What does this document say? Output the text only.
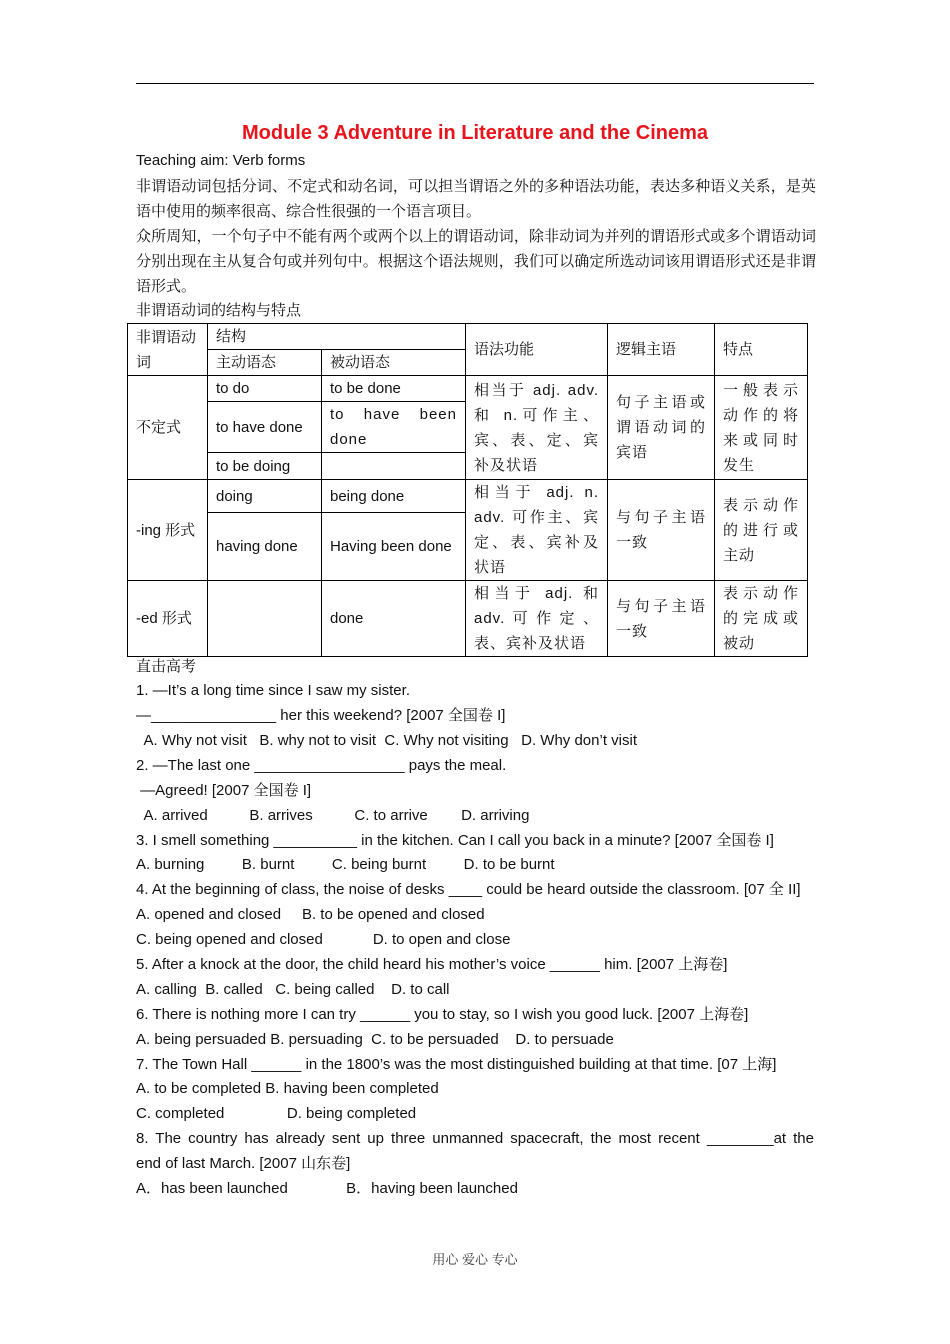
Module 3 Adventure in Literature and the Cinema
Teaching aim: Verb forms
非谓语动词包括分词、不定式和动名词，可以担当谓语之外的多种语法功能，表达多种语义关系，是英语中使用的频率很高、综合性很强的一个语言项目。
众所周知，一个句子中不能有两个或两个以上的谓语动词，除非动词为并列的谓语形式或多个谓语动词分别出现在主从复合句或并列句中。根据这个语法规则，我们可以确定所选动词该用谓语形式还是非谓语形式。
非谓语动词的结构与特点
非谓语动词	结构		语法功能	逻辑主语	特点
	主动语态	被动语态			
不定式	to do	to be done	相当于 adj. adv. 和 n.可作主、宾、表、定、宾补及状语	句子主语或谓语动词的宾语	一般表示动作的将来或同时发生
	to have done	to have been done			
	to be doing				
-ing 形式	doing	being done	相当于 adj. n. adv. 可作主、宾定、表、宾补及状语	与句子主语一致	表示动作的进行或主动
	having done	Having been done			
-ed 形式		done	相当于 adj. 和 adv.可作定、表、宾补及状语	与句子主语一致	表示动作的完成或被动
直击高考
1. —It’s a long time since I saw my sister.
—_______________ her this weekend? [2007 全国卷 I]
A. Why not visit   B. why not to visit  C. Why not visiting   D. Why don’t visit
2. —The last one __________________ pays the meal.
—Agreed! [2007 全国卷 I]
A. arrived          B. arrives          C. to arrive        D. arriving
3. I smell something __________ in the kitchen. Can I call you back in a minute? [2007 全国卷 I]
A. burning         B. burnt         C. being burnt         D. to be burnt
4. At the beginning of class, the noise of desks ____ could be heard outside the classroom. [07 全 II]
A. opened and closed     B. to be opened and closed
C. being opened and closed            D. to open and close
5. After a knock at the door, the child heard his mother’s voice ______ him. [2007 上海卷]
A. calling  B. called   C. being called    D. to call
6. There is nothing more I can try ______ you to stay, so I wish you good luck. [2007 上海卷]
A. being persuaded B. persuading  C. to be persuaded    D. to persuade
7. The Town Hall ______ in the 1800’s was the most distinguished building at that time. [07 上海]
A. to be completed B. having been completed
C. completed               D. being completed
8. The country has already sent up three unmanned spacecraft, the most recent ________at the
end of last March. [2007 山东卷]
A．has been launched              B．having been launched
用心 爱心 专心
